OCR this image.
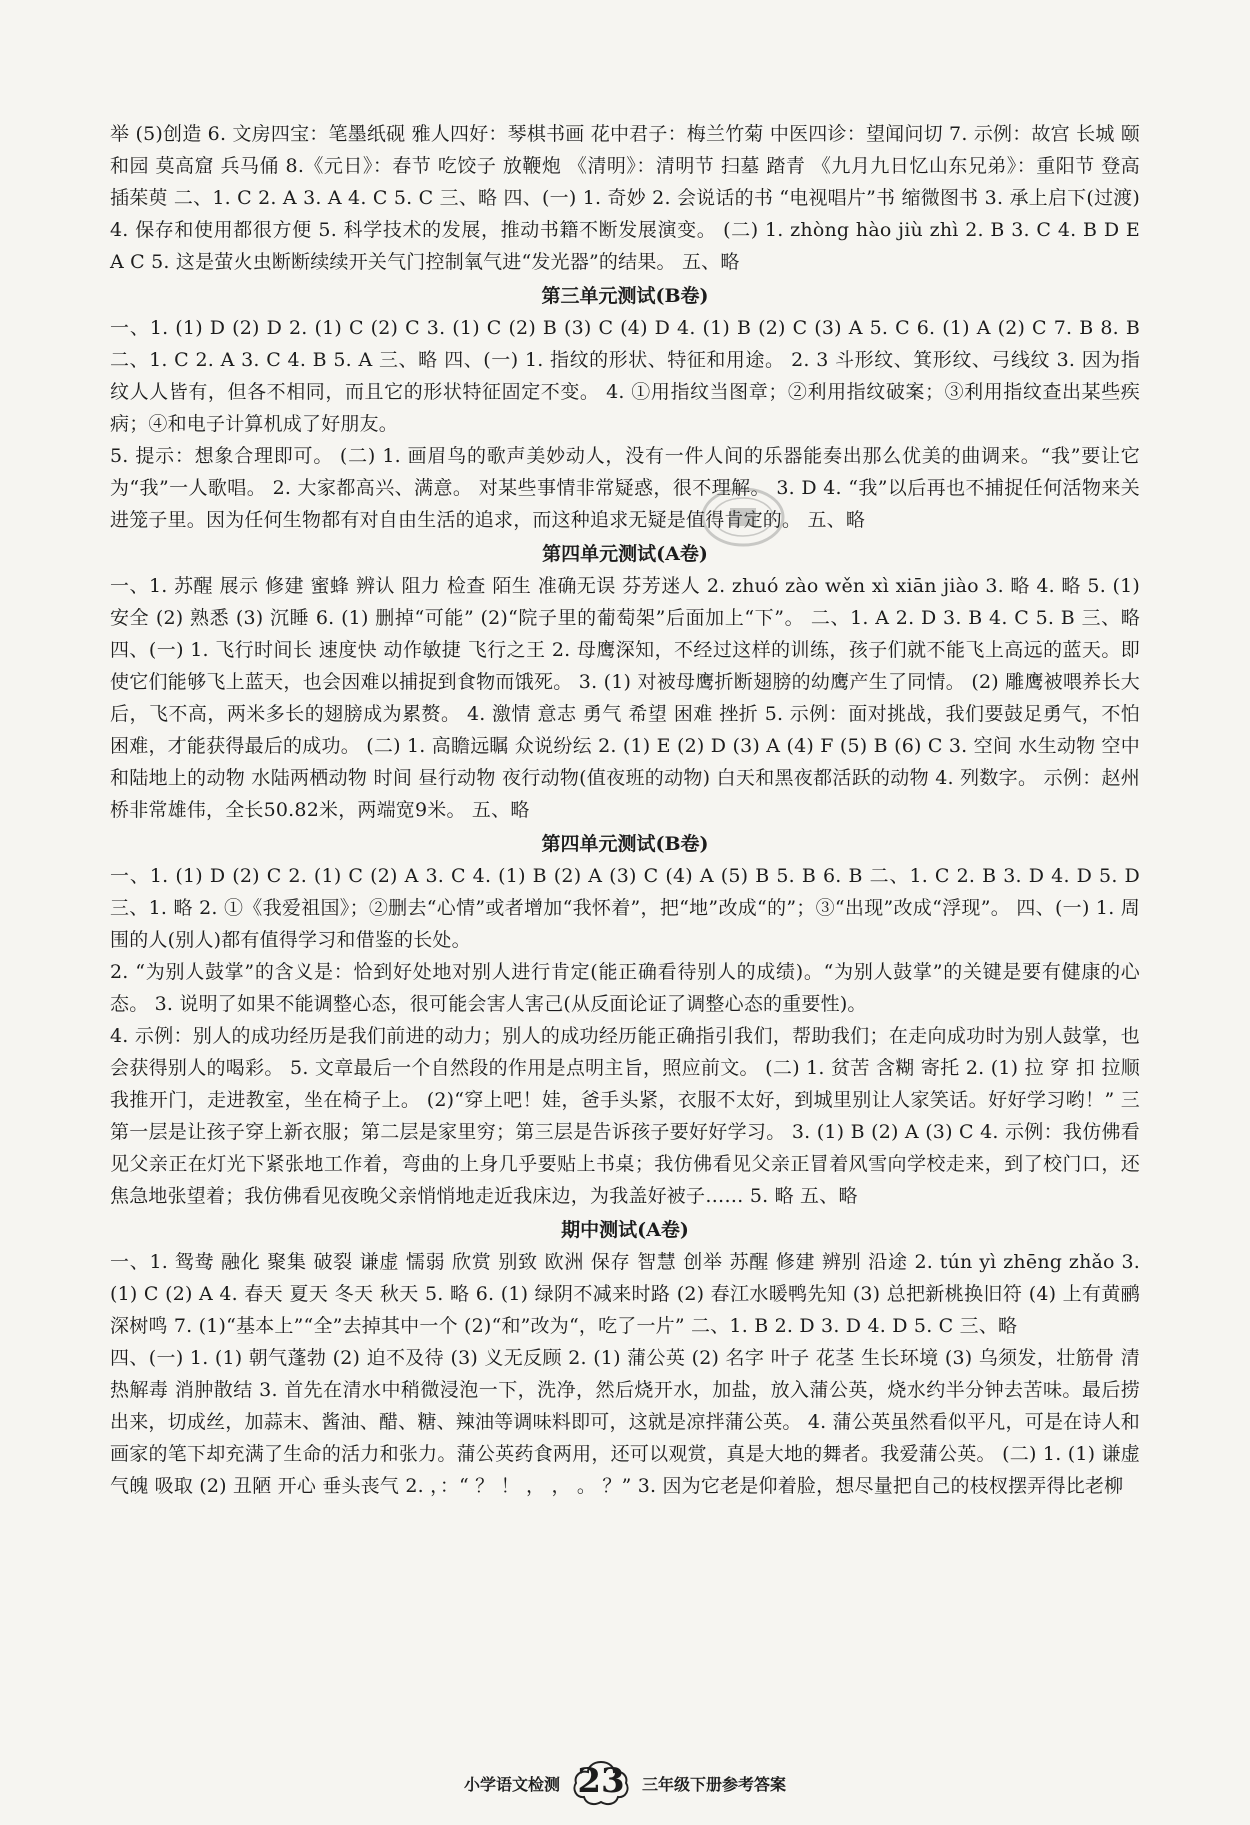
举 (5)创造 6. 文房四宝：笔墨纸砚 雅人四好：琴棋书画 花中君子：梅兰竹菊 中医四诊：望闻问切 7. 示例：故宫 长城 颐和园 莫高窟 兵马俑 8.《元日》：春节 吃饺子 放鞭炮 《清明》：清明节 扫墓 踏青 《九月九日忆山东兄弟》：重阳节 登高 插茱萸 二、1. C 2. A 3. A 4. C 5. C 三、略 四、(一) 1. 奇妙 2. 会说话的书 “电视唱片”书 缩微图书 3. 承上启下(过渡) 4. 保存和使用都很方便 5. 科学技术的发展，推动书籍不断发展演变。 (二) 1. zhòng hào jiù zhì 2. B 3. C 4. B D E A C 5. 这是萤火虫断断续续开关气门控制氧气进“发光器”的结果。 五、略

第三单元测试(B卷)

一、1. (1) D (2) D 2. (1) C (2) C 3. (1) C (2) B (3) C (4) D 4. (1) B (2) C (3) A 5. C 6. (1) A (2) C 7. B 8. B 二、1. C 2. A 3. C 4. B 5. A 三、略 四、(一) 1. 指纹的形状、特征和用途。 2. 3 斗形纹、箕形纹、弓线纹 3. 因为指纹人人皆有，但各不相同，而且它的形状特征固定不变。 4. ①用指纹当图章；②利用指纹破案；③利用指纹查出某些疾病；④和电子计算机成了好朋友。

5. 提示：想象合理即可。 (二) 1. 画眉鸟的歌声美妙动人，没有一件人间的乐器能奏出那么优美的曲调来。“我”要让它为“我”一人歌唱。 2. 大家都高兴、满意。 对某些事情非常疑惑，很不理解。 3. D 4. “我”以后再也不捕捉任何活物来关进笼子里。因为任何生物都有对自由生活的追求，而这种追求无疑是值得肯定的。 五、略

第四单元测试(A卷)

一、1. 苏醒 展示 修建 蜜蜂 辨认 阻力 检查 陌生 准确无误 芬芳迷人 2. zhuó zào wěn xì xiān jiào 3. 略 4. 略 5. (1) 安全 (2) 熟悉 (3) 沉睡 6. (1) 删掉“可能” (2)“院子里的葡萄架”后面加上“下”。 二、1. A 2. D 3. B 4. C 5. B 三、略 四、(一) 1. 飞行时间长 速度快 动作敏捷 飞行之王 2. 母鹰深知，不经过这样的训练，孩子们就不能飞上高远的蓝天。即使它们能够飞上蓝天，也会因难以捕捉到食物而饿死。 3. (1) 对被母鹰折断翅膀的幼鹰产生了同情。 (2) 雕鹰被喂养长大后，飞不高，两米多长的翅膀成为累赘。 4. 激情 意志 勇气 希望 困难 挫折 5. 示例：面对挑战，我们要鼓足勇气，不怕困难，才能获得最后的成功。 (二) 1. 高瞻远瞩 众说纷纭 2. (1) E (2) D (3) A (4) F (5) B (6) C 3. 空间 水生动物 空中和陆地上的动物 水陆两栖动物 时间 昼行动物 夜行动物(值夜班的动物) 白天和黑夜都活跃的动物 4. 列数字。 示例：赵州桥非常雄伟，全长50.82米，两端宽9米。 五、略

第四单元测试(B卷)

一、1. (1) D (2) C 2. (1) C (2) A 3. C 4. (1) B (2) A (3) C (4) A (5) B 5. B 6. B 二、1. C 2. B 3. D 4. D 5. D 三、1. 略 2. ①《我爱祖国》；②删去“心情”或者增加“我怀着”，把“地”改成“的”；③“出现”改成“浮现”。 四、(一) 1. 周围的人(别人)都有值得学习和借鉴的长处。

2. “为别人鼓掌”的含义是：恰到好处地对别人进行肯定(能正确看待别人的成绩)。“为别人鼓掌”的关键是要有健康的心态。 3. 说明了如果不能调整心态，很可能会害人害己(从反面论证了调整心态的重要性)。

4. 示例：别人的成功经历是我们前进的动力；别人的成功经历能正确指引我们，帮助我们；在走向成功时为别人鼓掌，也会获得别人的喝彩。 5. 文章最后一个自然段的作用是点明主旨，照应前文。 (二) 1. 贫苦 含糊 寄托 2. (1) 拉 穿 扣 拉顺 我推开门，走进教室，坐在椅子上。 (2)“穿上吧！娃，爸手头紧，衣服不太好，到城里别让人家笑话。好好学习哟！” 三 第一层是让孩子穿上新衣服；第二层是家里穷；第三层是告诉孩子要好好学习。 3. (1) B (2) A (3) C 4. 示例：我仿佛看见父亲正在灯光下紧张地工作着，弯曲的上身几乎要贴上书桌；我仿佛看见父亲正冒着风雪向学校走来，到了校门口，还焦急地张望着；我仿佛看见夜晚父亲悄悄地走近我床边，为我盖好被子…… 5. 略 五、略

期中测试(A卷)

一、1. 鸳鸯 融化 聚集 破裂 谦虚 懦弱 欣赏 别致 欧洲 保存 智慧 创举 苏醒 修建 辨别 沿途 2. tún yì zhēng zhǎo 3. (1) C (2) A 4. 春天 夏天 冬天 秋天 5. 略 6. (1) 绿阴不减来时路 (2) 春江水暖鸭先知 (3) 总把新桃换旧符 (4) 上有黄鹂深树鸣 7. (1)“基本上”“全”去掉其中一个 (2)“和”改为“，吃了一片” 二、1. B 2. D 3. D 4. D 5. C 三、略

四、(一) 1. (1) 朝气蓬勃 (2) 迫不及待 (3) 义无反顾 2. (1) 蒲公英 (2) 名字 叶子 花茎 生长环境 (3) 乌须发，壮筋骨 清热解毒 消肿散结 3. 首先在清水中稍微浸泡一下，洗净，然后烧开水，加盐，放入蒲公英，烧水约半分钟去苦味。最后捞出来，切成丝，加蒜末、酱油、醋、糖、辣油等调味料即可，这就是凉拌蒲公英。 4. 蒲公英虽然看似平凡，可是在诗人和画家的笔下却充满了生命的活力和张力。蒲公英药食两用，还可以观赏，真是大地的舞者。我爱蒲公英。 (二) 1. (1) 谦虚 气魄 吸取 (2) 丑陋 开心 垂头丧气 2. ，：“ ？ ！ ， ， 。 ？” 3. 因为它老是仰着脸，想尽量把自己的枝杈摆弄得比老柳

小学语文检测 23	三年级下册参考答案
